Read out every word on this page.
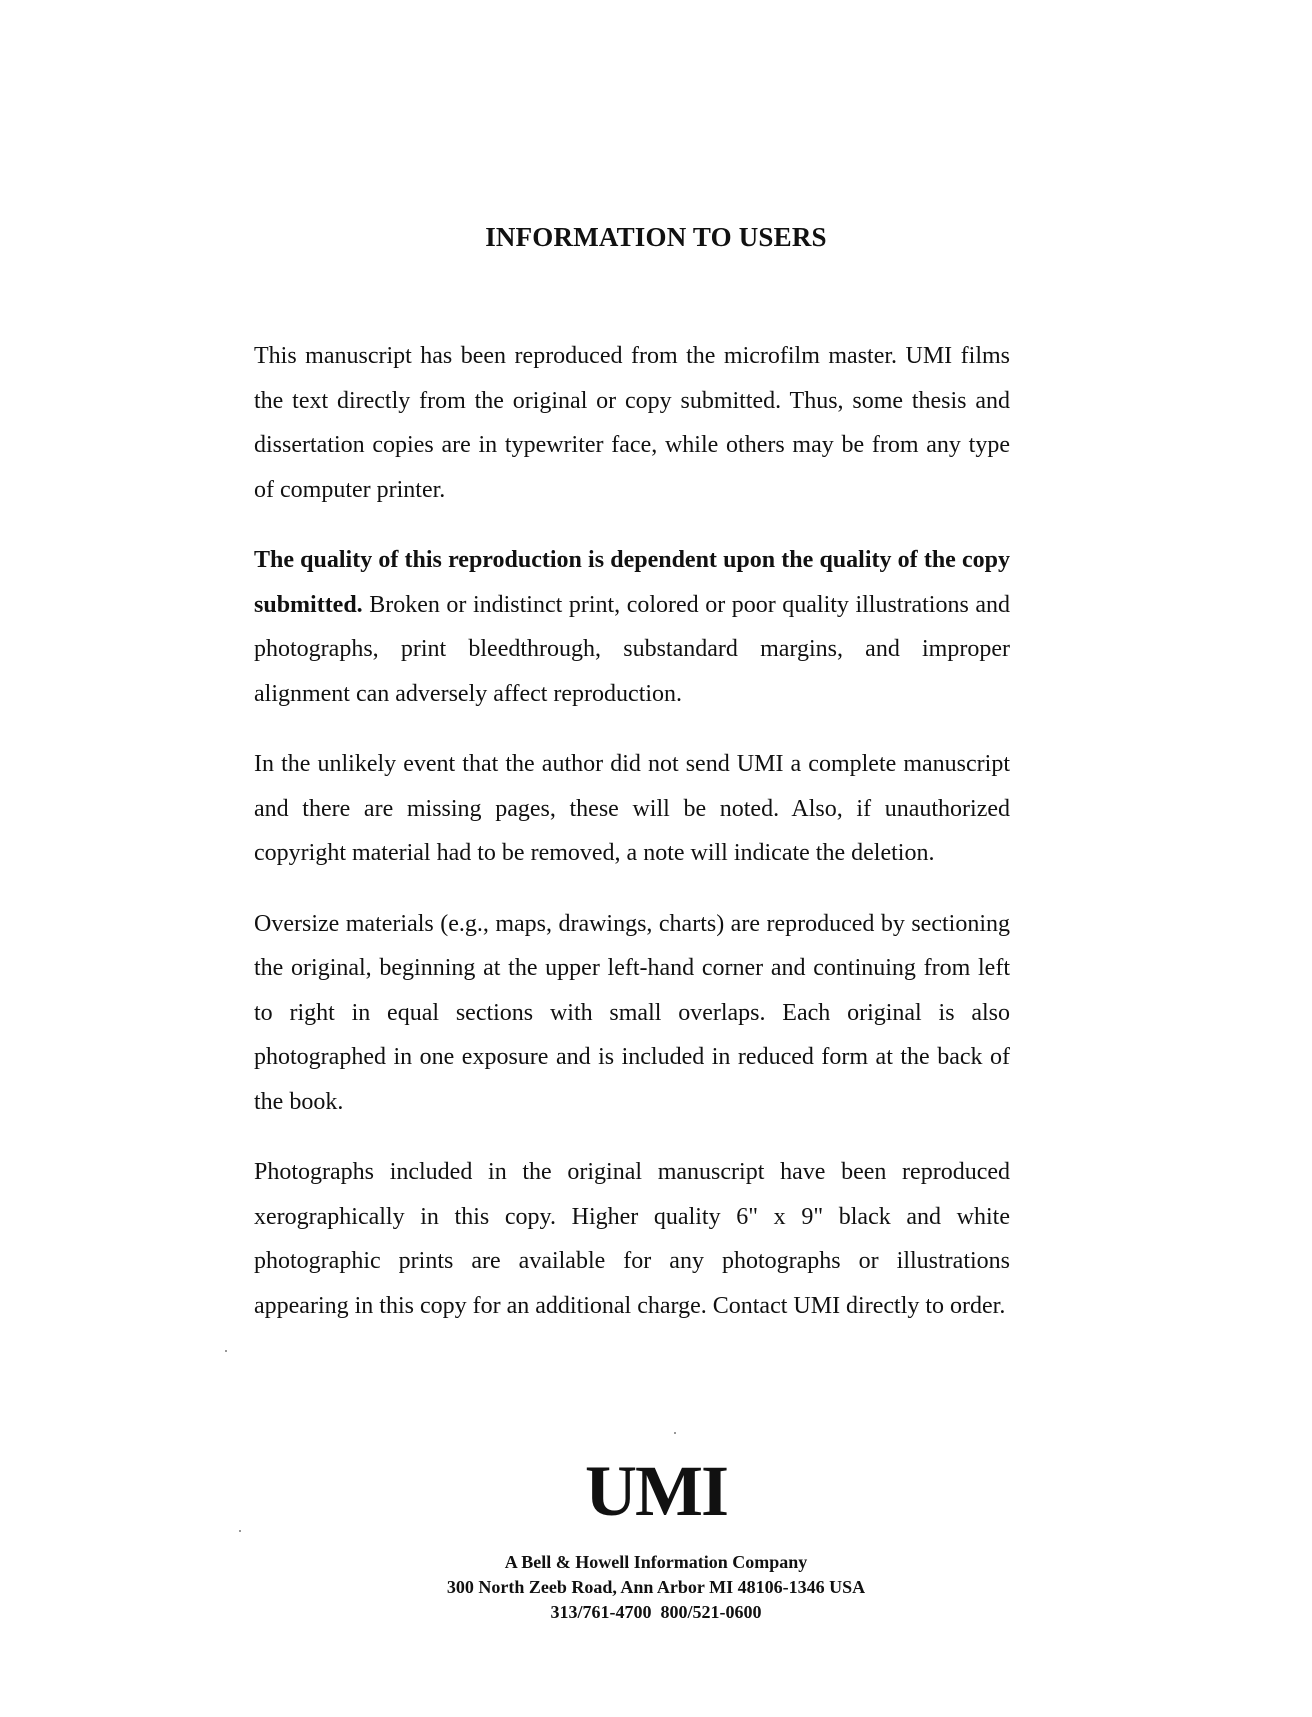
INFORMATION TO USERS

This manuscript has been reproduced from the microfilm master. UMI films the text directly from the original or copy submitted. Thus, some thesis and dissertation copies are in typewriter face, while others may be from any type of computer printer.

The quality of this reproduction is dependent upon the quality of the copy submitted. Broken or indistinct print, colored or poor quality illustrations and photographs, print bleedthrough, substandard margins, and improper alignment can adversely affect reproduction.

In the unlikely event that the author did not send UMI a complete manuscript and there are missing pages, these will be noted. Also, if unauthorized copyright material had to be removed, a note will indicate the deletion.

Oversize materials (e.g., maps, drawings, charts) are reproduced by sectioning the original, beginning at the upper left-hand corner and continuing from left to right in equal sections with small overlaps. Each original is also photographed in one exposure and is included in reduced form at the back of the book.

Photographs included in the original manuscript have been reproduced xerographically in this copy. Higher quality 6" x 9" black and white photographic prints are available for any photographs or illustrations appearing in this copy for an additional charge. Contact UMI directly to order.

UMI
A Bell & Howell Information Company
300 North Zeeb Road, Ann Arbor MI 48106-1346 USA
313/761-4700  800/521-0600
